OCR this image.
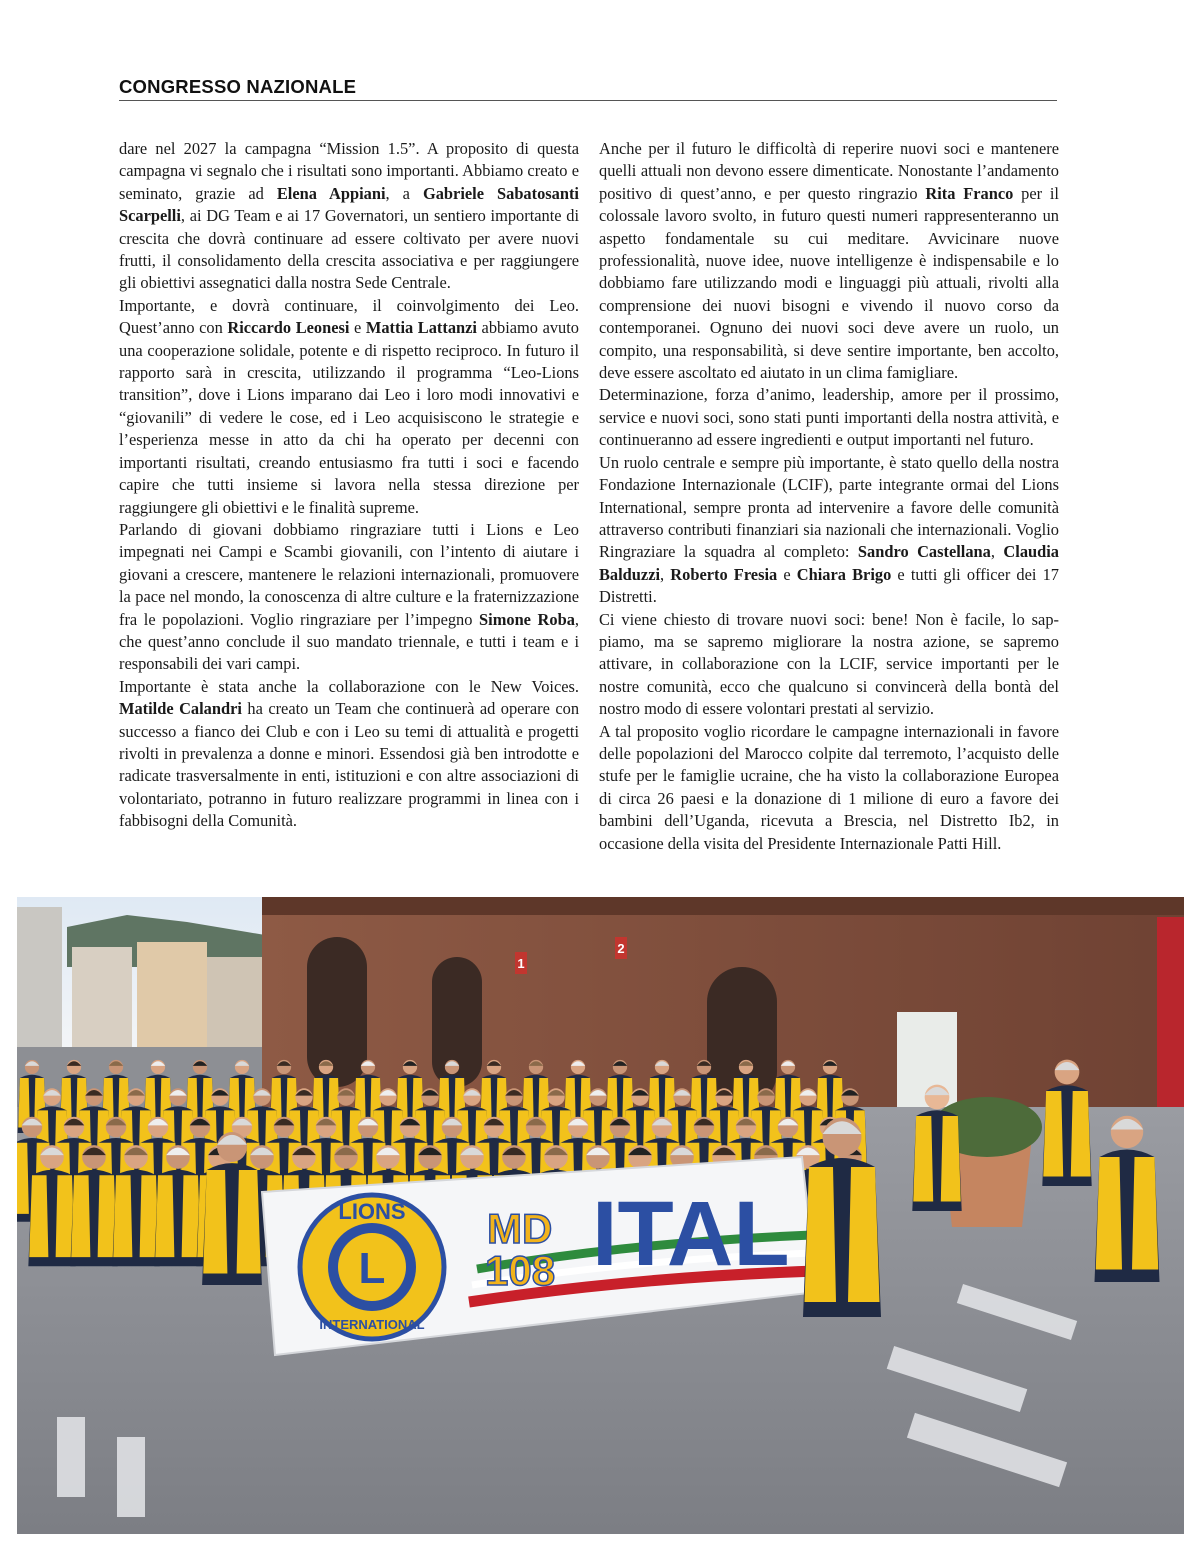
CONGRESSO NAZIONALE

dare nel 2027 la campagna “Mission 1.5”. A proposito di questa campagna vi segnalo che i risultati sono importanti. Abbiamo creato e seminato, grazie ad Elena Appiani, a Gabriele Sabatosanti Scarpelli, ai DG Team e ai 17 Governatori, un sentiero importante di crescita che dovrà continuare ad essere coltivato per avere nuovi frutti, il consolidamento della crescita associativa e per raggiungere gli obiettivi assegnatici dalla nostra Sede Centrale.

Importante, e dovrà continuare, il coinvolgimento dei Leo. Quest’anno con Riccardo Leonesi e Mattia Lattanzi abbiamo avuto una cooperazione solidale, potente e di rispetto reciproco. In futuro il rapporto sarà in crescita, utilizzando il programma “Leo-Lions transition”, dove i Lions imparano dai Leo i loro modi innovativi e “giovanili” di vedere le cose, ed i Leo acquisiscono le strategie e l’esperienza messe in atto da chi ha operato per decenni con importanti risultati, creando entusiasmo fra tutti i soci e facendo capire che tutti insieme si lavora nella stessa direzione per raggiungere gli obiettivi e le finalità supreme.

Parlando di giovani dobbiamo ringraziare tutti i Lions e Leo impegnati nei Campi e Scambi giovanili, con l’intento di aiutare i giovani a crescere, mantenere le relazioni internazionali, promuovere la pace nel mondo, la conoscenza di altre culture e la fraternizzazione fra le popolazioni. Voglio ringraziare per l’impegno Simone Roba, che quest’anno conclude il suo mandato triennale, e tutti i team e i responsabili dei vari campi.

Importante è stata anche la collaborazione con le New Voices. Matilde Calandri ha creato un Team che continuerà ad operare con successo a fianco dei Club e con i Leo su temi di attualità e progetti rivolti in prevalenza a donne e minori. Essendosi già ben introdotte e radicate trasversalmente in enti, istituzioni e con altre associazioni di volontariato, potranno in futuro realizzare programmi in linea con i fabbisogni della Comunità.

Anche per il futuro le difficoltà di reperire nuovi soci e mantenere quelli attuali non devono essere dimenticate. Nonostante l’andamento positivo di quest’anno, e per questo ringrazio Rita Franco per il colossale lavoro svolto, in futuro questi numeri rappresenteranno un aspetto fondamentale su cui meditare. Avvicinare nuove professionalità, nuove idee, nuove intelligenze è indispensabile e lo dobbiamo fare utilizzando modi e linguaggi più attuali, rivolti alla comprensione dei nuovi bisogni e vivendo il nuovo corso da contemporanei. Ognuno dei nuovi soci deve avere un ruolo, un compito, una responsabilità, si deve sentire importante, ben accolto, deve essere ascoltato ed aiutato in un clima famigliare.

Determinazione, forza d’animo, leadership, amore per il prossimo, service e nuovi soci, sono stati punti importanti della nostra attività, e continueranno ad essere ingredienti e output importanti nel futuro.

Un ruolo centrale e sempre più importante, è stato quello della nostra Fondazione Internazionale (LCIF), parte integrante ormai del Lions International, sempre pronta ad intervenire a favore delle comunità attraverso contributi finanziari sia nazionali che internazionali. Voglio Ringraziare la squadra al completo: Sandro Castellana, Claudia Balduzzi, Roberto Fresia e Chiara Brigo e tutti gli officer dei 17 Distretti.

Ci viene chiesto di trovare nuovi soci: bene! Non è facile, lo sappiamo, ma se sapremo migliorare la nostra azione, se sapremo attivare, in collaborazione con la LCIF, service importanti per le nostre comunità, ecco che qualcuno si convincerà della bontà del nostro modo di essere volontari prestati al servizio.

A tal proposito voglio ricordare le campagne internazionali in favore delle popolazioni del Marocco colpite dal terremoto, l’acquisto delle stufe per le famiglie ucraine, che ha visto la collaborazione Europea di circa 26 paesi e la donazione di 1 milione di euro a favore dei bambini dell’Uganda, ricevuta a Brescia, nel Distretto Ib2, in occasione della visita del Presidente Internazionale Patti Hill.

1
2
L
LIONS
INTERNATIONAL
MD
108 ITAL
